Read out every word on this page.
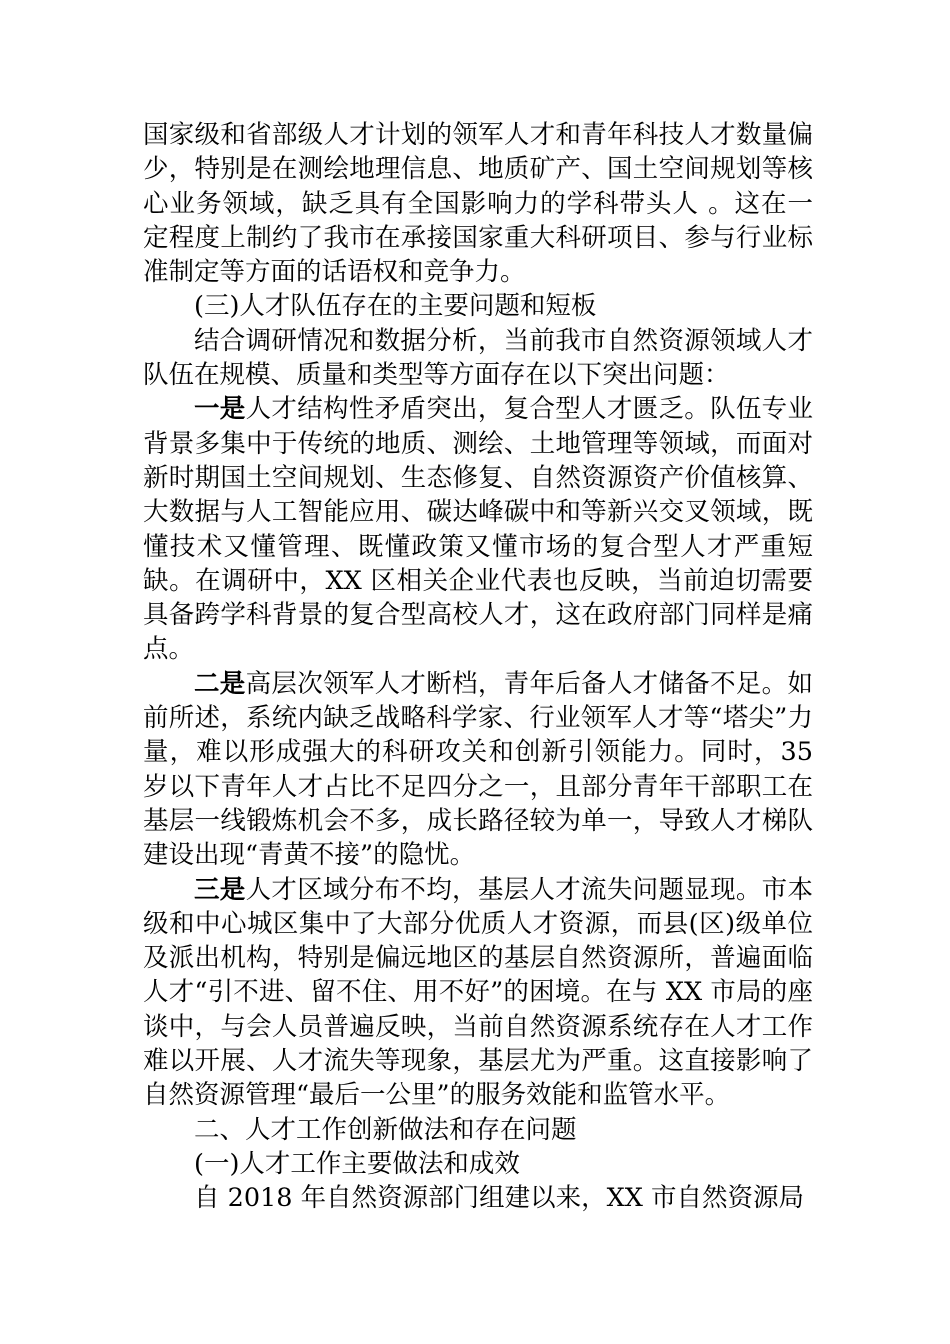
国家级和省部级人才计划的领军人才和青年科技人才数量偏少，特别是在测绘地理信息、地质矿产、国土空间规划等核心业务领域，缺乏具有全国影响力的学科带头人 。这在一定程度上制约了我市在承接国家重大科研项目、参与行业标准制定等方面的话语权和竞争力。

(三)人才队伍存在的主要问题和短板

结合调研情况和数据分析，当前我市自然资源领域人才队伍在规模、质量和类型等方面存在以下突出问题：

一是人才结构性矛盾突出，复合型人才匮乏。队伍专业背景多集中于传统的地质、测绘、土地管理等领域，而面对新时期国土空间规划、生态修复、自然资源资产价值核算、大数据与人工智能应用、碳达峰碳中和等新兴交叉领域，既懂技术又懂管理、既懂政策又懂市场的复合型人才严重短缺。在调研中，XX 区相关企业代表也反映，当前迫切需要具备跨学科背景的复合型高校人才，这在政府部门同样是痛点。

二是高层次领军人才断档，青年后备人才储备不足。如前所述，系统内缺乏战略科学家、行业领军人才等“塔尖”力量，难以形成强大的科研攻关和创新引领能力。同时，35 岁以下青年人才占比不足四分之一，且部分青年干部职工在基层一线锻炼机会不多，成长路径较为单一，导致人才梯队建设出现“青黄不接”的隐忧。

三是人才区域分布不均，基层人才流失问题显现。市本级和中心城区集中了大部分优质人才资源，而县(区)级单位及派出机构，特别是偏远地区的基层自然资源所，普遍面临人才“引不进、留不住、用不好”的困境。在与 XX 市局的座谈中，与会人员普遍反映，当前自然资源系统存在人才工作难以开展、人才流失等现象，基层尤为严重。这直接影响了自然资源管理“最后一公里”的服务效能和监管水平。

二、人才工作创新做法和存在问题

(一)人才工作主要做法和成效

自 2018 年自然资源部门组建以来，XX 市自然资源局
